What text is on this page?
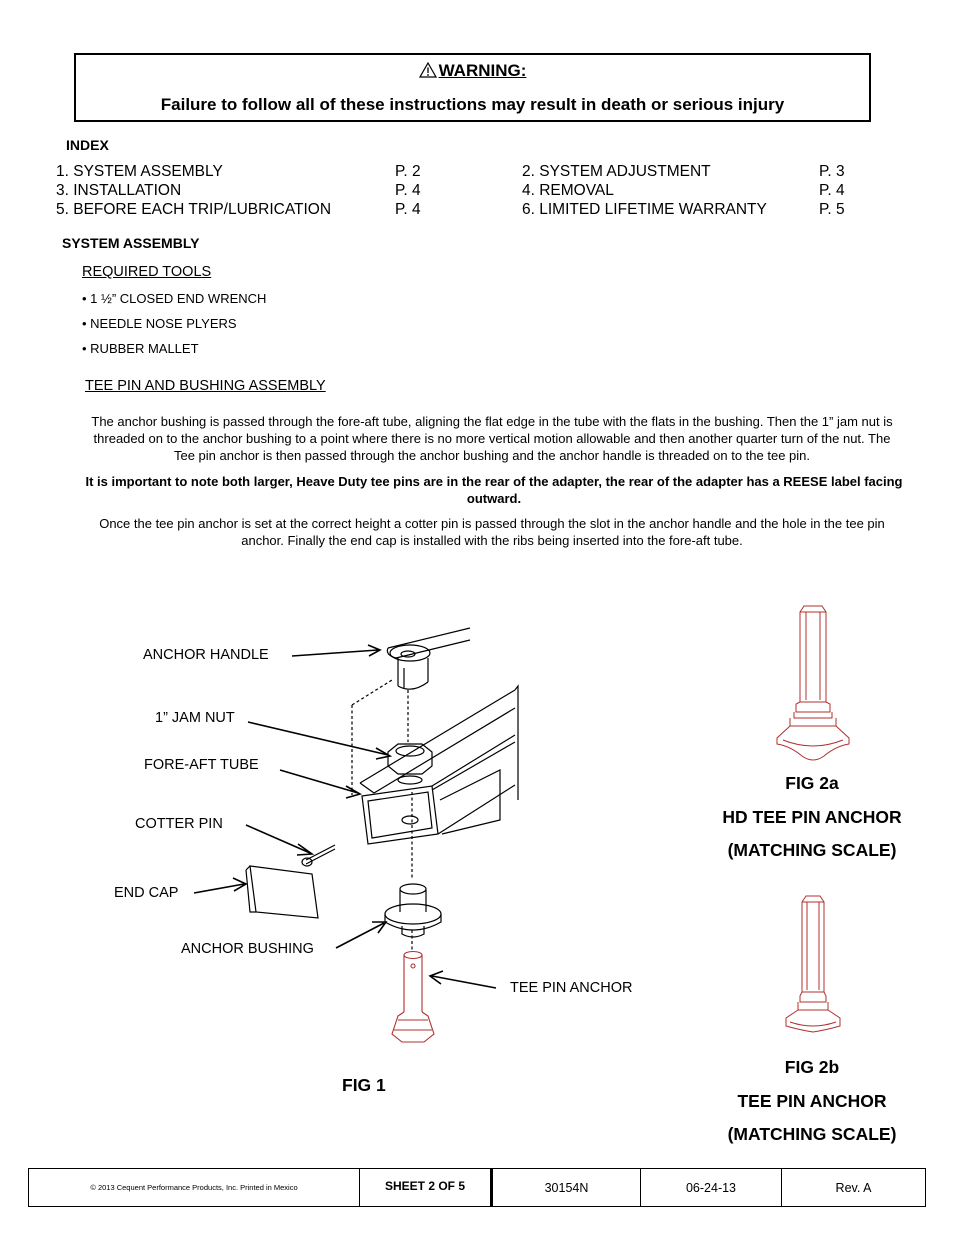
WARNING:
Failure to follow all of these instructions may result in death or serious injury
INDEX
1. SYSTEM ASSEMBLY	P. 2	2. SYSTEM ADJUSTMENT	P. 3
3. INSTALLATION	P. 4	4. REMOVAL	P. 4
5. BEFORE EACH TRIP/LUBRICATION	P. 4	6. LIMITED LIFETIME WARRANTY	P. 5
SYSTEM ASSEMBLY
REQUIRED TOOLS
• 1 ½” CLOSED END WRENCH
• NEEDLE NOSE PLYERS
• RUBBER MALLET
TEE PIN AND BUSHING ASSEMBLY
The anchor bushing is passed through the fore-aft tube, aligning the flat edge in the tube with the flats in the bushing. Then the 1” jam nut is threaded on to the anchor bushing to a point where there is no more vertical motion allowable and then another quarter turn of the nut. The Tee pin anchor is then passed through the anchor bushing and the anchor handle is threaded on to the tee pin.
It is important to note both larger, Heave Duty tee pins are in the rear of the adapter, the rear of the adapter has a REESE label facing outward.
Once the tee pin anchor is set at the correct height a cotter pin is passed through the slot in the anchor handle and the hole in the tee pin anchor. Finally the end cap is installed with the ribs being inserted into the fore-aft tube.
ANCHOR HANDLE
1” JAM NUT
FORE-AFT TUBE
COTTER PIN
END CAP
ANCHOR BUSHING
TEE PIN ANCHOR
FIG 1
FIG 2a
HD TEE PIN ANCHOR
(MATCHING SCALE)
FIG 2b
TEE PIN ANCHOR
(MATCHING SCALE)
© 2013 Cequent Performance Products, Inc. Printed in Mexico	SHEET 2 OF 5	30154N	06-24-13	Rev. A
